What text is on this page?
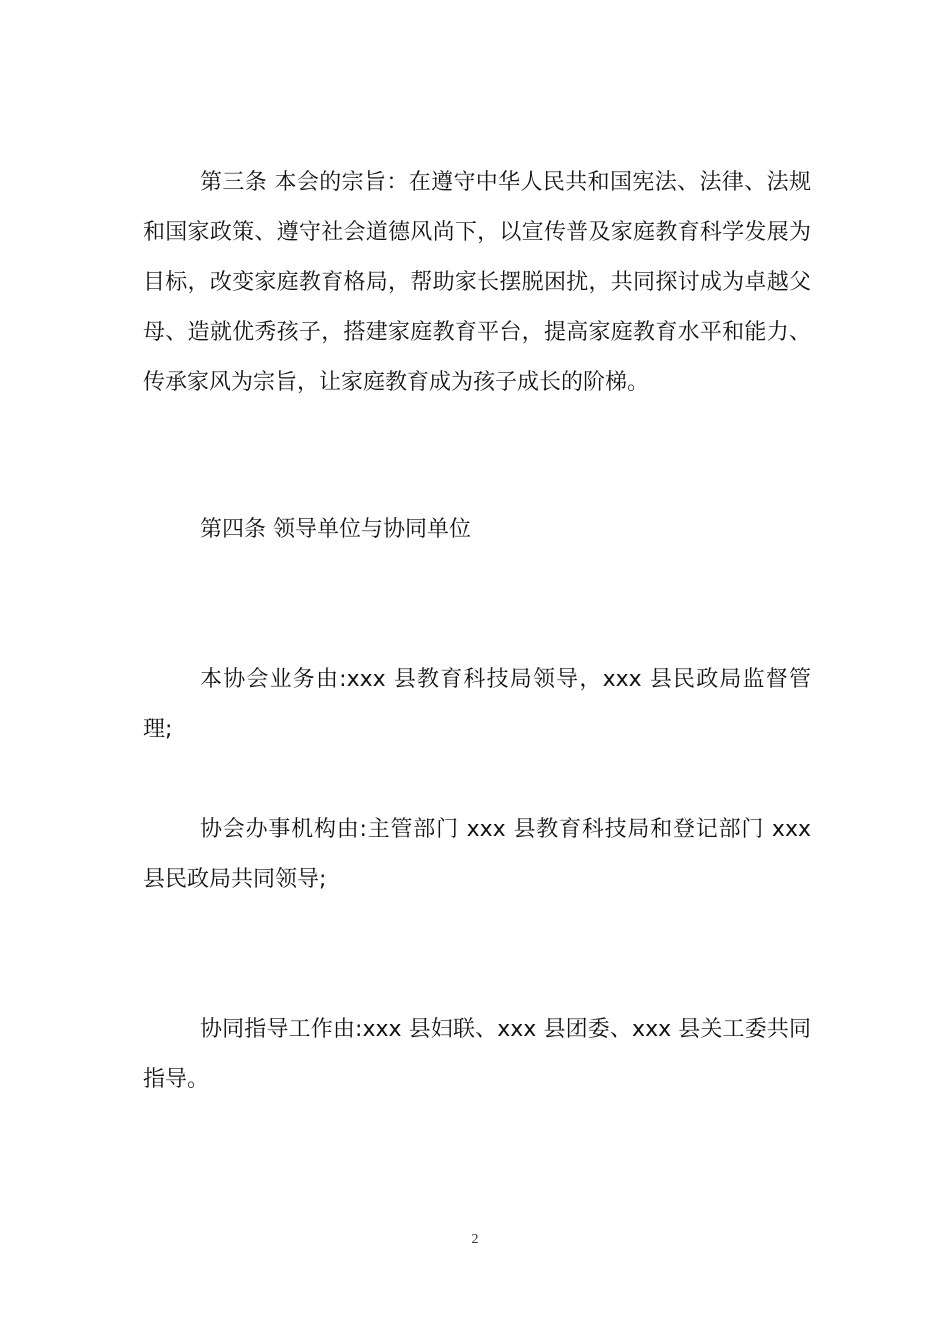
第三条 本会的宗旨：在遵守中华人民共和国宪法、法律、法规和国家政策、遵守社会道德风尚下，以宣传普及家庭教育科学发展为目标，改变家庭教育格局，帮助家长摆脱困扰，共同探讨成为卓越父母、造就优秀孩子，搭建家庭教育平台，提高家庭教育水平和能力、传承家风为宗旨，让家庭教育成为孩子成长的阶梯。

第四条 领导单位与协同单位

本协会业务由:xxx 县教育科技局领导，xxx 县民政局监督管理;

协会办事机构由:主管部门 xxx 县教育科技局和登记部门 xxx 县民政局共同领导;

协同指导工作由:xxx 县妇联、xxx 县团委、xxx 县关工委共同指导。

2
